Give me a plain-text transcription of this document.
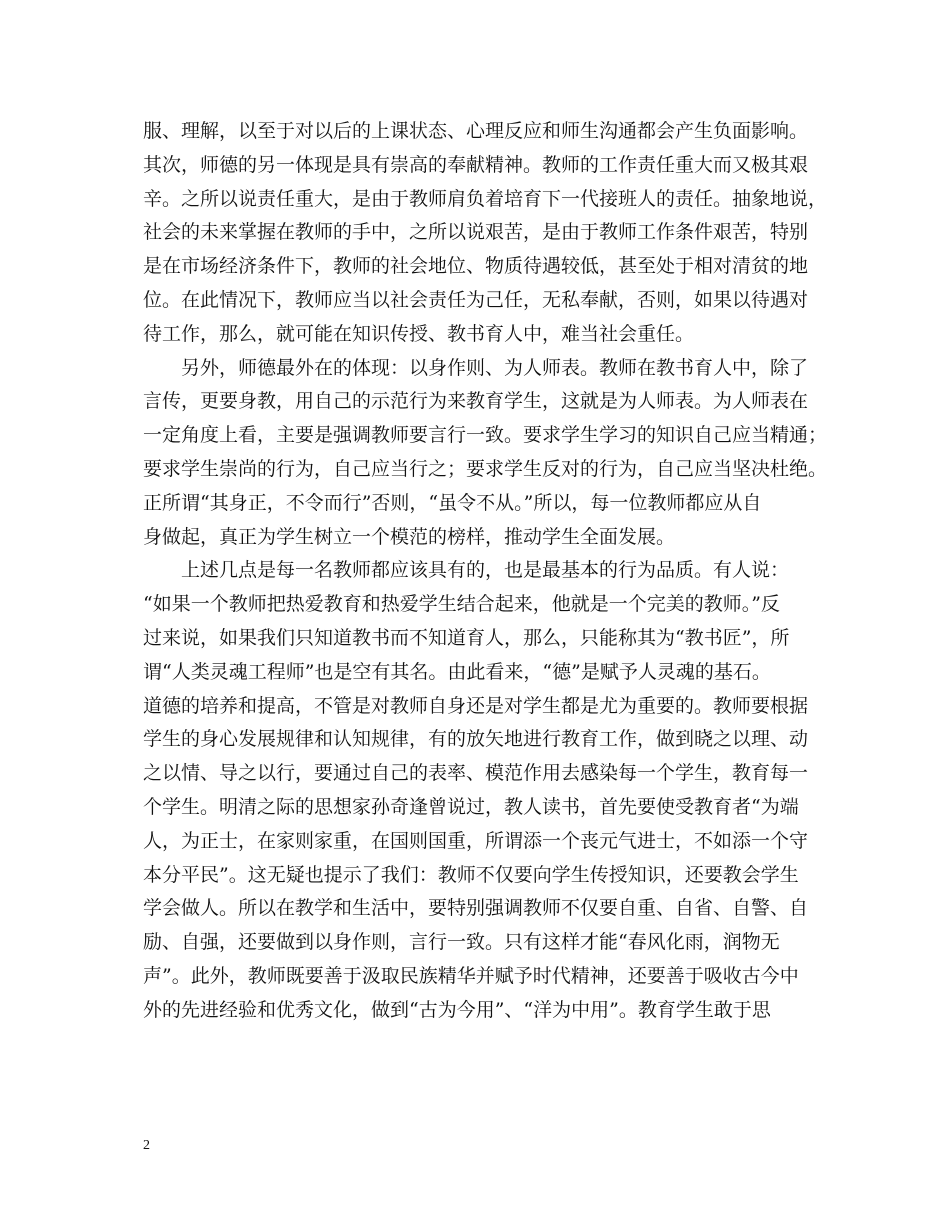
服、理解，以至于对以后的上课状态、心理反应和师生沟通都会产生负面影响。
其次，师德的另一体现是具有崇高的奉献精神。教师的工作责任重大而又极其艰
辛。之所以说责任重大，是由于教师肩负着培育下一代接班人的责任。抽象地说，
社会的未来掌握在教师的手中，之所以说艰苦，是由于教师工作条件艰苦，特别
是在市场经济条件下，教师的社会地位、物质待遇较低，甚至处于相对清贫的地
位。在此情况下，教师应当以社会责任为己任，无私奉献，否则，如果以待遇对
待工作，那么，就可能在知识传授、教书育人中，难当社会重任。
另外，师德最外在的体现：以身作则、为人师表。教师在教书育人中，除了
言传，更要身教，用自己的示范行为来教育学生，这就是为人师表。为人师表在
一定角度上看，主要是强调教师要言行一致。要求学生学习的知识自己应当精通；
要求学生崇尚的行为，自己应当行之；要求学生反对的行为，自己应当坚决杜绝。
正所谓“其身正，不令而行”否则，“虽令不从。”所以，每一位教师都应从自
身做起，真正为学生树立一个模范的榜样，推动学生全面发展。
上述几点是每一名教师都应该具有的，也是最基本的行为品质。有人说：
“如果一个教师把热爱教育和热爱学生结合起来，他就是一个完美的教师。”反
过来说，如果我们只知道教书而不知道育人，那么，只能称其为“教书匠”，所
谓“人类灵魂工程师”也是空有其名。由此看来，“德”是赋予人灵魂的基石。
道德的培养和提高，不管是对教师自身还是对学生都是尤为重要的。教师要根据
学生的身心发展规律和认知规律，有的放矢地进行教育工作，做到晓之以理、动
之以情、导之以行，要通过自己的表率、模范作用去感染每一个学生，教育每一
个学生。明清之际的思想家孙奇逢曾说过，教人读书，首先要使受教育者“为端
人，为正士，在家则家重，在国则国重，所谓添一个丧元气进士，不如添一个守
本分平民”。这无疑也提示了我们：教师不仅要向学生传授知识，还要教会学生
学会做人。所以在教学和生活中，要特别强调教师不仅要自重、自省、自警、自
励、自强，还要做到以身作则，言行一致。只有这样才能“春风化雨，润物无
声”。此外，教师既要善于汲取民族精华并赋予时代精神，还要善于吸收古今中
外的先进经验和优秀文化，做到“古为今用”、“洋为中用”。教育学生敢于思
2
